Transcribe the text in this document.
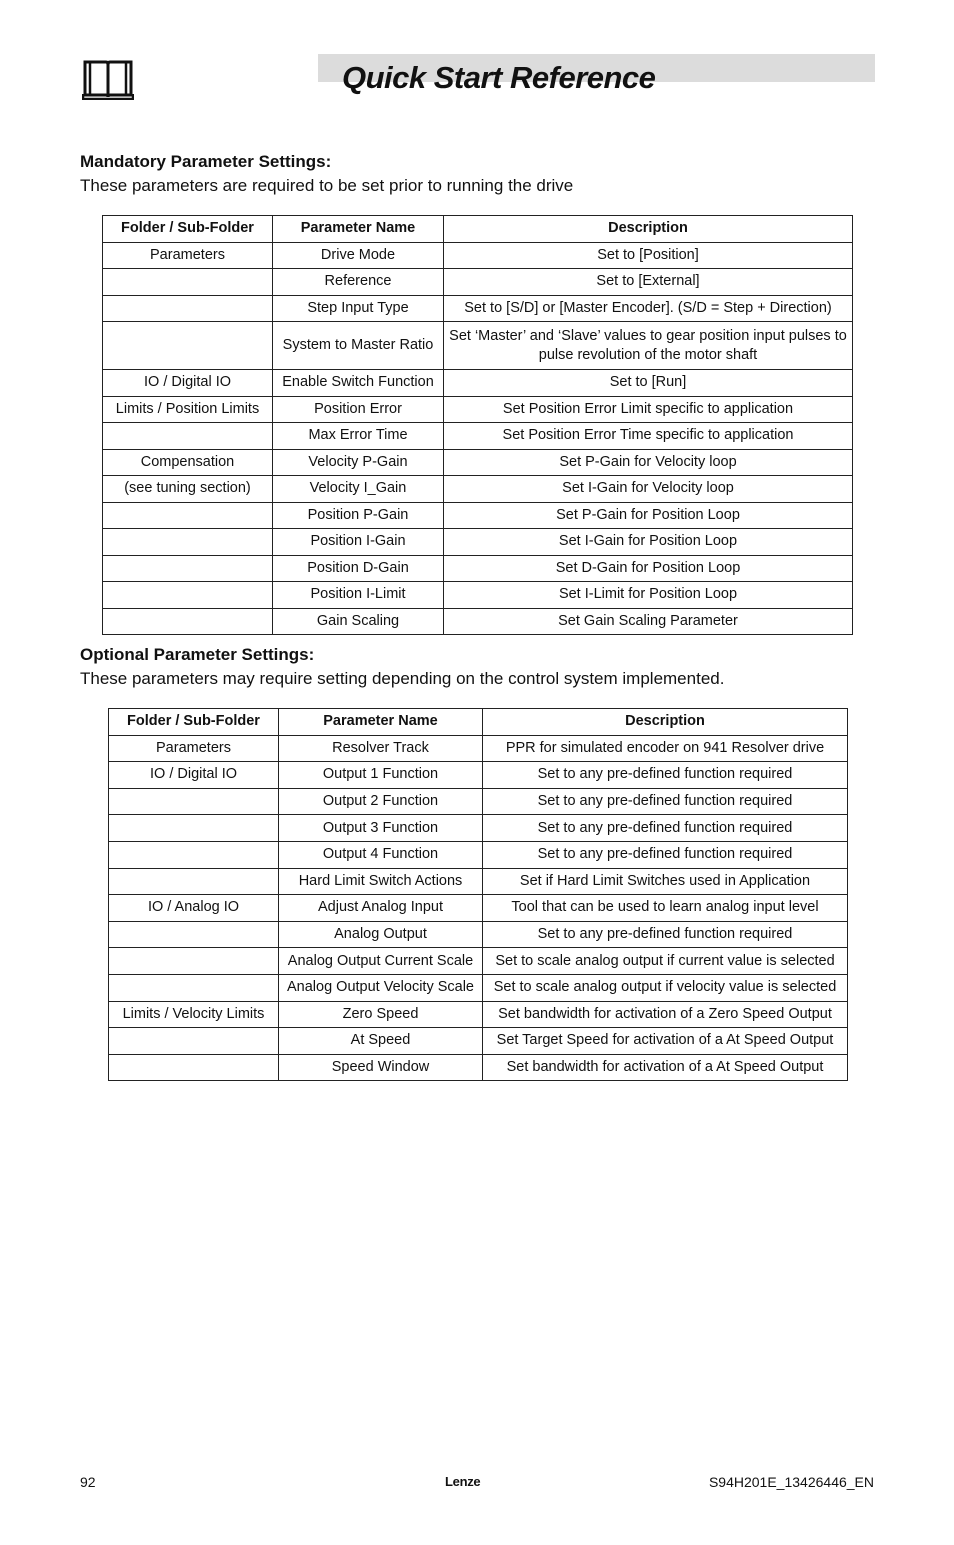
Quick Start Reference

Mandatory Parameter Settings:

These parameters are required to be set prior to running the drive

Folder / Sub-Folder	Parameter Name	Description
Parameters	Drive Mode	Set to [Position]
	Reference	Set to [External]
	Step Input Type	Set to [S/D] or [Master Encoder]. (S/D = Step + Direction)
	System to Master Ratio	Set ‘Master’ and ‘Slave’ values to gear position input pulses to pulse revolution of the motor shaft
IO / Digital IO	Enable Switch Function	Set to [Run]
Limits / Position Limits	Position Error	Set Position Error Limit specific to application
	Max Error Time	Set Position Error Time specific to application
Compensation	Velocity P-Gain	Set P-Gain for Velocity loop
(see tuning section)	Velocity I_Gain	Set I-Gain for Velocity loop
	Position P-Gain	Set P-Gain for Position Loop
	Position I-Gain	Set I-Gain for Position Loop
	Position D-Gain	Set D-Gain for Position Loop
	Position I-Limit	Set I-Limit for Position Loop
	Gain Scaling	Set Gain Scaling Parameter

Optional Parameter Settings:

These parameters may require setting depending on the control system implemented.

Folder / Sub-Folder	Parameter Name	Description
Parameters	Resolver Track	PPR for simulated encoder on 941 Resolver drive
IO / Digital IO	Output 1 Function	Set to any pre-defined function required
	Output 2 Function	Set to any pre-defined function required
	Output 3 Function	Set to any pre-defined function required
	Output 4 Function	Set to any pre-defined function required
	Hard Limit Switch Actions	Set if Hard Limit Switches used in Application
IO / Analog IO	Adjust Analog Input	Tool that can be used to learn analog input level
	Analog Output	Set to any pre-defined function required
	Analog Output Current Scale	Set to scale analog output if current value is selected
	Analog Output Velocity Scale	Set to scale analog output if velocity value is selected
Limits / Velocity Limits	Zero Speed	Set bandwidth for activation of a Zero Speed Output
	At Speed	Set Target Speed for activation of a At Speed Output
	Speed Window	Set bandwidth for activation of a At Speed Output

92	Lenze	S94H201E_13426446_EN
